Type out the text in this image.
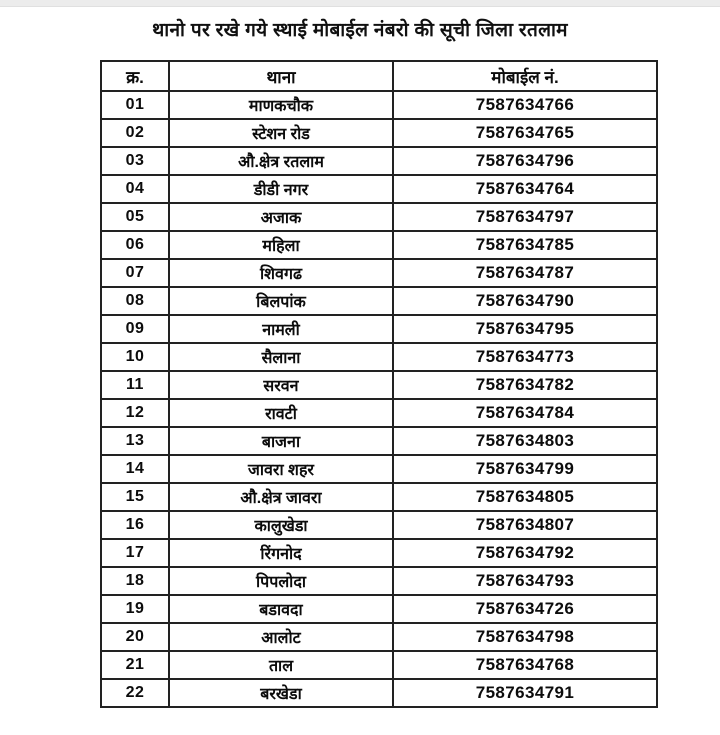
थानो पर रखे गये स्थाई मोबाईल नंबरो की सूची जिला रतलाम
क्र.	थाना	मोबाईल नं.
01	माणकचौक	7587634766
02	स्टेशन रोड	7587634765
03	औ.क्षेत्र रतलाम	7587634796
04	डीडी नगर	7587634764
05	अजाक	7587634797
06	महिला	7587634785
07	शिवगढ	7587634787
08	बिलपांक	7587634790
09	नामली	7587634795
10	सैलाना	7587634773
11	सरवन	7587634782
12	रावटी	7587634784
13	बाजना	7587634803
14	जावरा शहर	7587634799
15	औ.क्षेत्र जावरा	7587634805
16	कालुखेडा	7587634807
17	रिंगनोद	7587634792
18	पिपलोदा	7587634793
19	बडावदा	7587634726
20	आलोट	7587634798
21	ताल	7587634768
22	बरखेडा	7587634791
